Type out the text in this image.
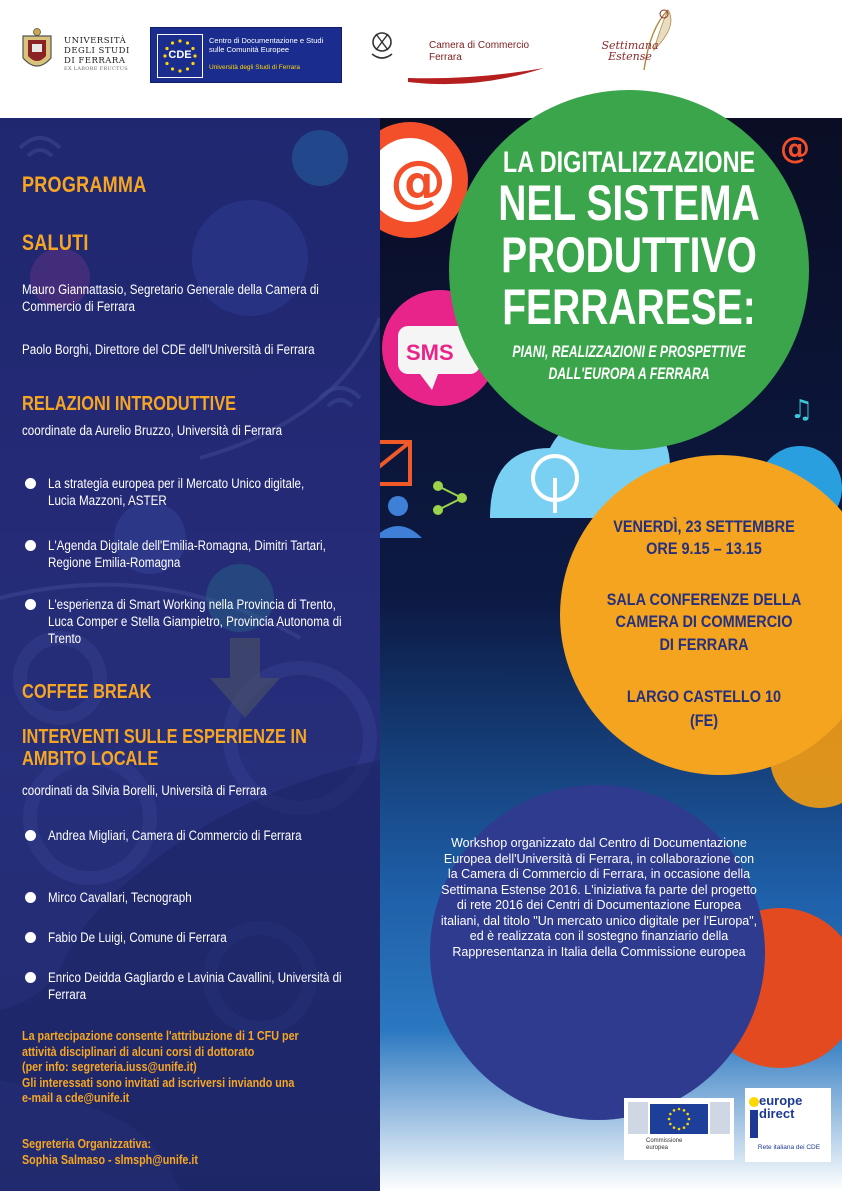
UNIVERSITÀ DEGLI STUDI DI FERRARA
EX LABORE FRUCTUS
CDE
Centro di Documentazione e Studi sulle Comunità Europee
Università degli Studi di Ferrara
Camera di Commercio Ferrara
Settimana Estense
@
SMS
♫
@
PROGRAMMA
SALUTI
Mauro Giannattasio, Segretario Generale della Camera di Commercio di Ferrara
Paolo Borghi, Direttore del CDE dell'Università di Ferrara
RELAZIONI INTRODUTTIVE
coordinate da Aurelio Bruzzo, Università di Ferrara
La strategia europea per il Mercato Unico digitale, Lucia Mazzoni, ASTER
L'Agenda Digitale dell'Emilia-Romagna, Dimitri Tartari, Regione Emilia-Romagna
L'esperienza di Smart Working nella Provincia di Trento, Luca Comper e Stella Giampietro, Provincia Autonoma di Trento
COFFEE BREAK
INTERVENTI SULLE ESPERIENZE IN AMBITO LOCALE
coordinati da Silvia Borelli, Università di Ferrara
Andrea Migliari, Camera di Commercio di Ferrara
Mirco Cavallari, Tecnograph
Fabio De Luigi, Comune di Ferrara
Enrico Deidda Gagliardo e Lavinia Cavallini, Università di Ferrara
La partecipazione consente l'attribuzione di 1 CFU per
attività disciplinari di alcuni corsi di dottorato
(per info: segreteria.iuss@unife.it)
Gli interessati sono invitati ad iscriversi inviando una
e-mail a cde@unife.it
Segreteria Organizzativa:
Sophia Salmaso - slmsph@unife.it
LA DIGITALIZZAZIONE
NEL SISTEMA
PRODUTTIVO
FERRARESE:
PIANI, REALIZZAZIONI E PROSPETTIVE
DALL'EUROPA A FERRARA
VENERDÌ, 23 SETTEMBRE
ORE 9.15 – 13.15
SALA CONFERENZE DELLA
CAMERA DI COMMERCIO
DI FERRARA
LARGO CASTELLO 10
(FE)
Workshop organizzato dal Centro di Documentazione Europea dell'Università di Ferrara, in collaborazione con la Camera di Commercio di Ferrara, in occasione della Settimana Estense 2016. L'iniziativa fa parte del progetto di rete 2016 dei Centri di Documentazione Europea italiani, dal titolo "Un mercato unico digitale per l'Europa", ed è realizzata con il sostegno finanziario della Rappresentanza in Italia della Commissione europea
Commissione europea
europe direct
Rete italiana dei CDE
